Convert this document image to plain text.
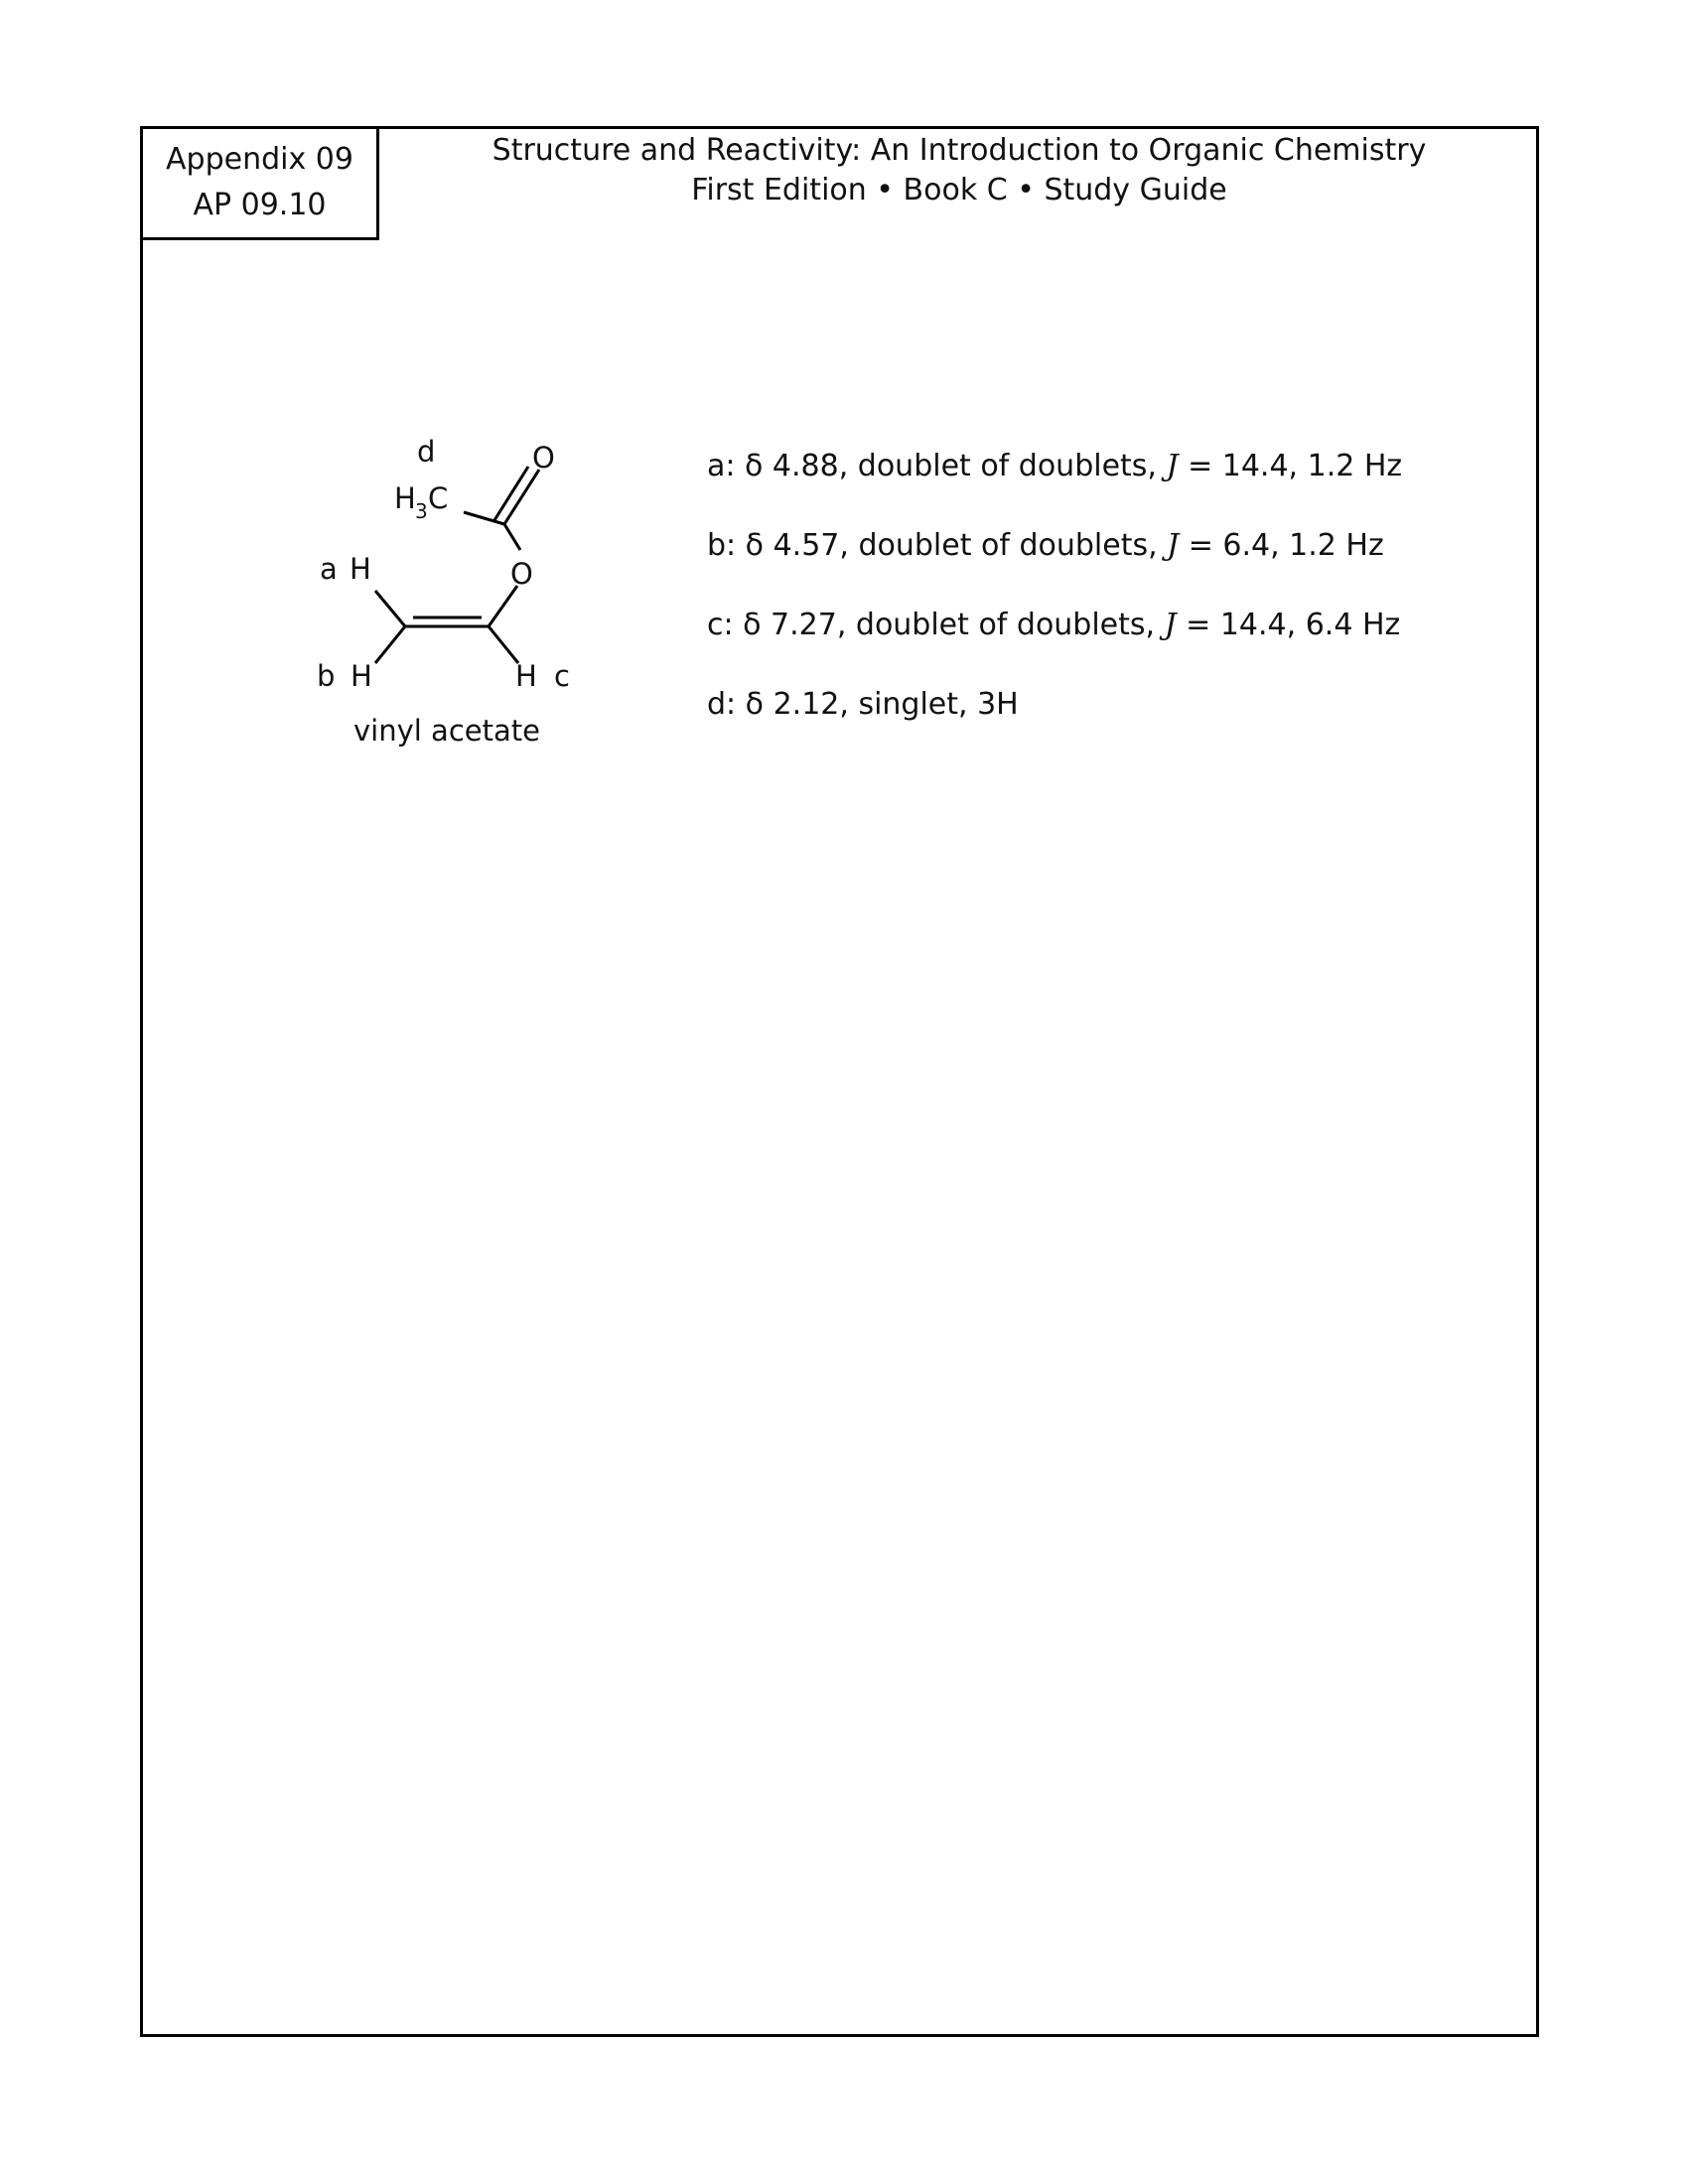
Appendix 09
AP 09.10
Structure and Reactivity: An Introduction to Organic Chemistry
First Edition • Book C • Study Guide
d
H 3 C
O
O
a H
b H	H c
vinyl acetate
a: δ 4.88, doublet of doublets, J = 14.4, 1.2 Hz
b: δ 4.57, doublet of doublets, J = 6.4, 1.2 Hz
c: δ 7.27, doublet of doublets, J = 14.4, 6.4 Hz
d: δ 2.12, singlet, 3H
